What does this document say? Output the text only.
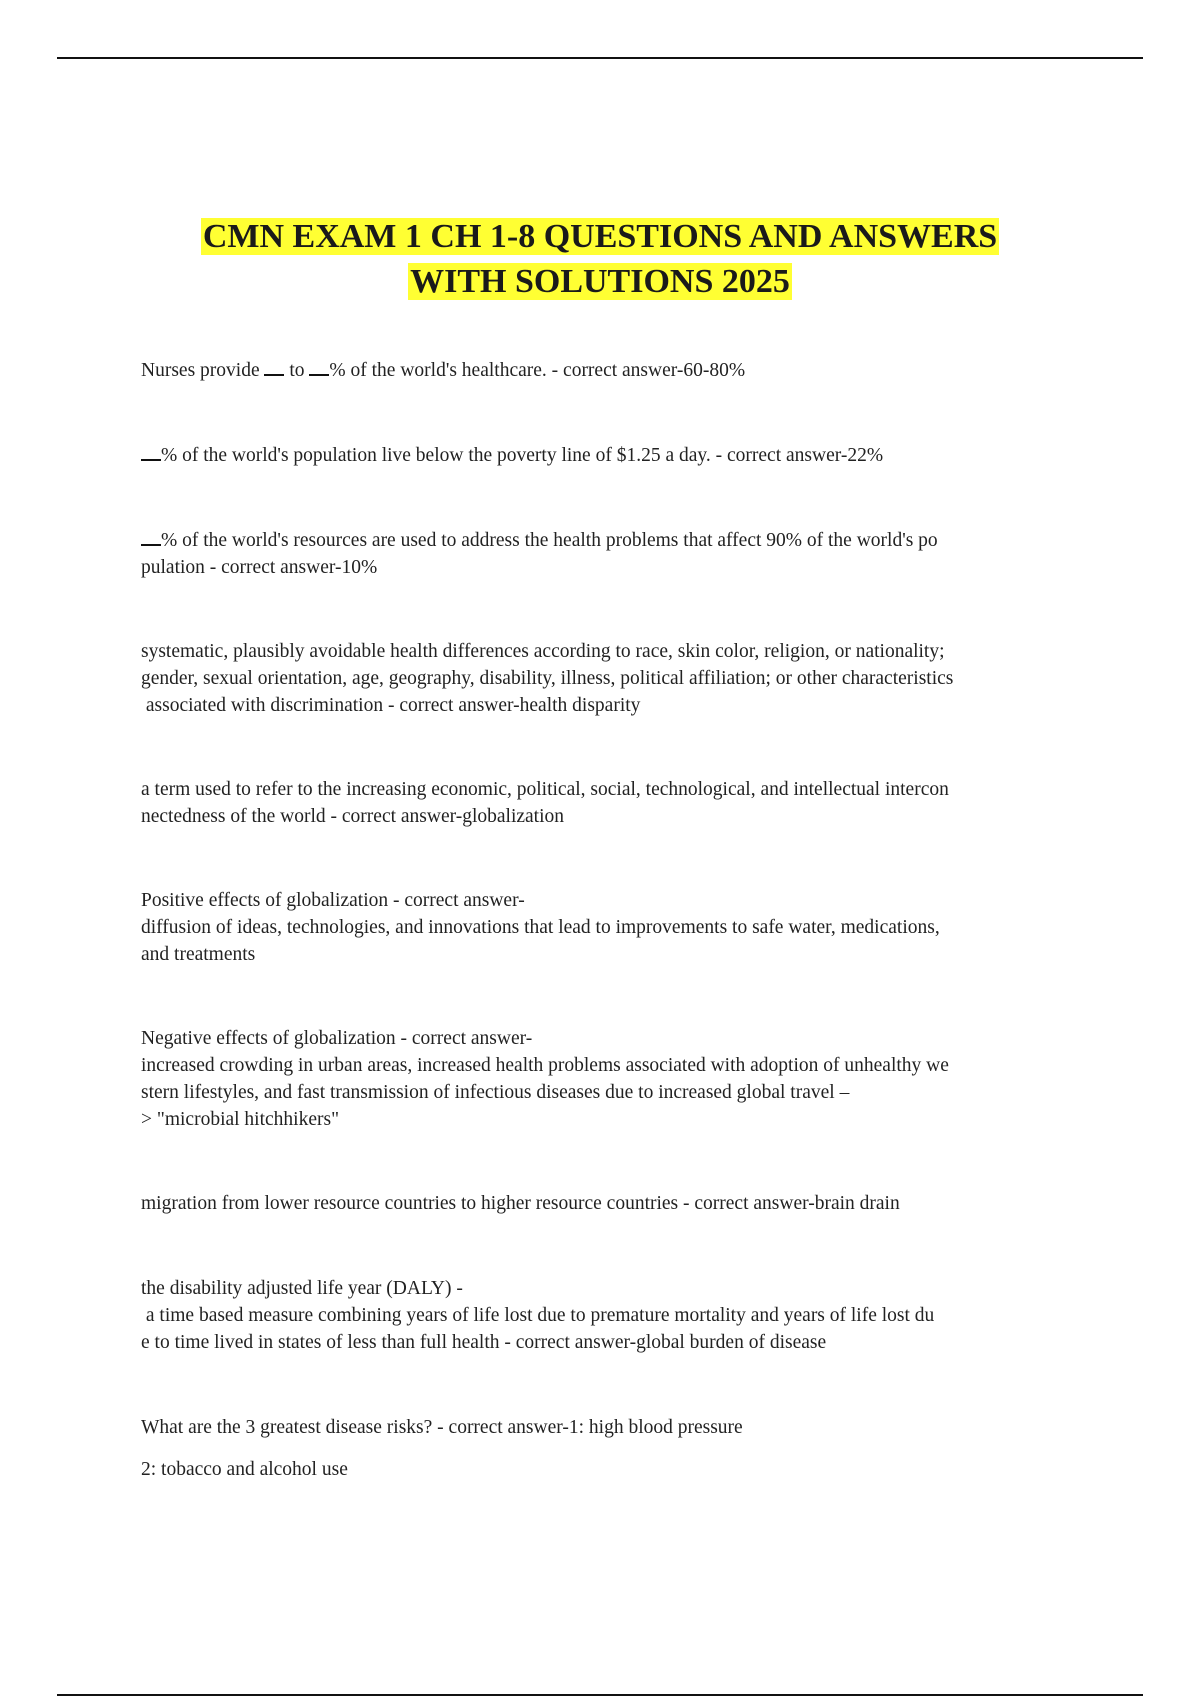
CMN EXAM 1 CH 1-8 QUESTIONS AND ANSWERS
WITH SOLUTIONS 2025

Nurses provide  to % of the world's healthcare. - correct answer-60-80%

% of the world's population live below the poverty line of $1.25 a day. - correct answer-22%

% of the world's resources are used to address the health problems that affect 90% of the world's po

pulation - correct answer-10%

systematic, plausibly avoidable health differences according to race, skin color, religion, or nationality;

gender, sexual orientation, age, geography, disability, illness, political affiliation; or other characteristics

associated with discrimination - correct answer-health disparity

a term used to refer to the increasing economic, political, social, technological, and intellectual intercon

nectedness of the world - correct answer-globalization

Positive effects of globalization - correct answer-

diffusion of ideas, technologies, and innovations that lead to improvements to safe water, medications,

and treatments

Negative effects of globalization - correct answer-

increased crowding in urban areas, increased health problems associated with adoption of unhealthy we

stern lifestyles, and fast transmission of infectious diseases due to increased global travel –

> "microbial hitchhikers"

migration from lower resource countries to higher resource countries - correct answer-brain drain

the disability adjusted life year (DALY) -

a time based measure combining years of life lost due to premature mortality and years of life lost du

e to time lived in states of less than full health - correct answer-global burden of disease

What are the 3 greatest disease risks? - correct answer-1: high blood pressure

2: tobacco and alcohol use
